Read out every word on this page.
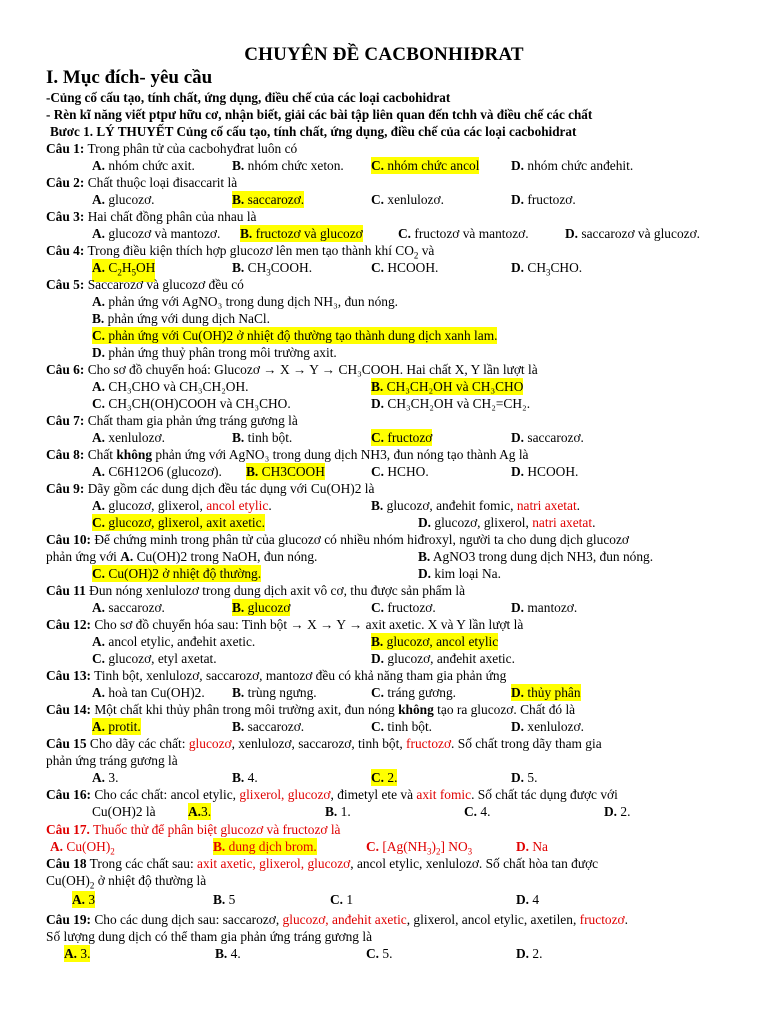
CHUYÊN ĐỀ CACBONHIĐRAT
I. Mục đích- yêu cầu
-Củng cố cấu tạo, tính chất, ứng dụng, điều chế của các loại cacbohidrat
- Rèn kĩ năng viết ptpư hữu cơ, nhận biết, giải các bài tập liên quan đến tchh và điều chế các chất
Bươc 1. LÝ THUYẾT Củng cố cấu tạo, tính chất, ứng dụng, điều chế của các loại cacbohidrat
Câu 1: Trong phân tử của cacbohyđrat luôn có
A. nhóm chức axit.	B. nhóm chức xeton. C. nhóm chức ancol D. nhóm chức anđehit.
Câu 2: Chất thuộc loại đisaccarit là
A. glucozơ.	B. saccarozơ.	C. xenlulozơ.	D. fructozơ.
Câu 3: Hai chất đồng phân của nhau là
A. glucozơ và mantozơ. B. fructozơ và glucozơ	C. fructozơ và mantozơ.	D. saccarozơ và glucozơ.
Câu 4: Trong điều kiện thích hợp glucozơ lên men tạo thành khí $CO_2$ và
A. $C_2H_5OH$	B. $CH_3COOH$.	C. HCOOH.	D. $CH_3CHO$.
Câu 5: Saccarozơ và glucozơ đều có
A. phản ứng với AgNO₃ trong dung dịch NH₃, đun nóng.
B. phản ứng với dung dịch NaCl.
C. phản ứng với Cu(OH)2 ở nhiệt độ thường tạo thành dung dịch xanh lam.
D. phản ứng thuỷ phân trong môi trường axit.
Câu 6: Cho sơ đồ chuyển hoá: Glucozơ → X → Y → CH₃COOH. Hai chất X, Y lần lượt là
A. CH₃CHO và CH₃CH₂OH.	B. CH₃CH₂OH và CH₃CHO
C. CH₃CH(OH)COOH và CH₃CHO.	D. CH₃CH₂OH và CH₂=CH₂.
Câu 7: Chất tham gia phản ứng tráng gương là
A. xenlulozơ.	B. tinh bột.	C. fructozơ	D. saccarozơ.
Câu 8: Chất không phản ứng với AgNO₃ trong dung dịch NH3, đun nóng tạo thành Ag là
A. C6H12O6 (glucozơ). B. CH3COOH	C. HCHO.	D. HCOOH.
Câu 9: Dãy gồm các dung dịch đều tác dụng với Cu(OH)2 là
A. glucozơ, glixerol, ancol etylic.	B. glucozơ, anđehit fomic, natri axetat.
C. glucozơ, glixerol, axit axetic.	D. glucozơ, glixerol, natri axetat.
Câu 10: Để chứng minh trong phân tử của glucozơ có nhiều nhóm hiđroxyl, người ta cho dung dịch glucozơ
phản ứng với A. Cu(OH)2 trong NaOH, đun nóng.	B. AgNO3 trong dung dịch NH3, đun nóng.
C. Cu(OH)2 ở nhiệt độ thường.	D. kim loại Na.
Câu 11 Đun nóng xenlulozơ trong dung dịch axit vô cơ, thu được sản phẩm là
A. saccarozơ.	B. glucozơ	C. fructozơ.	D. mantozơ.
Câu 12: Cho sơ đồ chuyển hóa sau: Tinh bột → X → Y → axit axetic. X và Y lần lượt là
A. ancol etylic, anđehit axetic.	B. glucozơ, ancol etylic
C. glucozơ, etyl axetat.	D. glucozơ, anđehit axetic.
Câu 13: Tinh bột, xenlulozơ, saccarozơ, mantozơ đều có khả năng tham gia phản ứng
A. hoà tan Cu(OH)2. B. trùng ngưng.	C. tráng gương.	D. thủy phân
Câu 14: Một chất khi thủy phân trong môi trường axit, đun nóng không tạo ra glucozơ. Chất đó là
A. protit.	B. saccarozơ.	C. tinh bột.	D. xenlulozơ.
Câu 15 Cho dãy các chất: glucozơ, xenlulozơ, saccarozơ, tinh bột, fructozơ. Số chất trong dãy tham gia
phản ứng tráng gương là
A. 3.	B. 4.	C. 2.	D. 5.
Câu 16: Cho các chất: ancol etylic, glixerol, glucozơ, đimetyl ete và axit fomic. Số chất tác dụng được với
Cu(OH)2 là A.3.	B. 1.	C. 4.	D. 2.
Câu 17. Thuốc thử để phân biệt glucozơ và fructozơ là
A. $Cu(OH)_2$	B. dung dịch brom.	C. $[Ag(NH_3)_2]$ $NO_3$	D. Na
Câu 18 Trong các chất sau: axit axetic, glixerol, glucozơ, ancol etylic, xenlulozơ. Số chất hòa tan được
$Cu(OH)_2$ ở nhiệt độ thường là
A. 3	B. 5	C. 1	D. 4
Câu 19: Cho các dung dịch sau: saccarozơ, glucozơ, anđehit axetic, glixerol, ancol etylic, axetilen, fructozơ.
Số lượng dung dịch có thể tham gia phản ứng tráng gương là
A. 3.	B. 4.	C. 5.	D. 2.
